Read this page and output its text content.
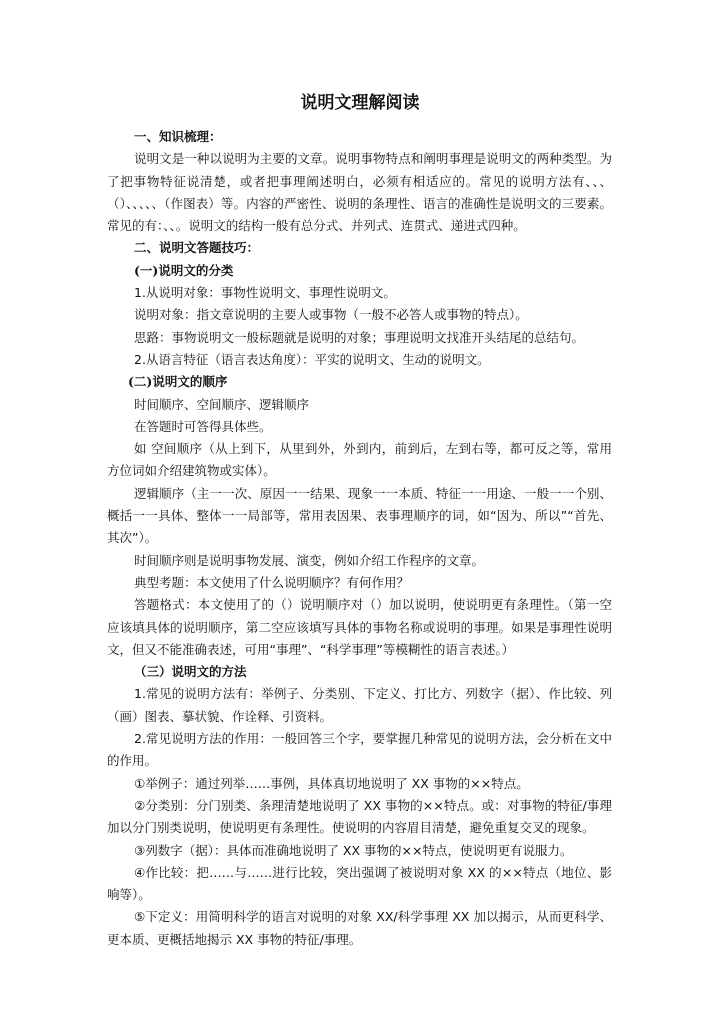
说明文理解阅读

一、知识梳理：

说明文是一种以说明为主要的文章。说明事物特点和阐明事理是说明文的两种类型。为了把事物特征说清楚，或者把事理阐述明白，必须有相适应的。常见的说明方法有、、、（）、、、、、（作图表）等。内容的严密性、说明的条理性、语言的准确性是说明文的三要素。常见的有：、、。说明文的结构一般有总分式、并列式、连贯式、递进式四种。

二、说明文答题技巧：

(一)说明文的分类

1.从说明对象：事物性说明文、事理性说明文。

说明对象：指文章说明的主要人或事物（一般不必答人或事物的特点）。

思路：事物说明文一般标题就是说明的对象；事理说明文找准开头结尾的总结句。

2.从语言特征（语言表达角度）：平实的说明文、生动的说明文。

(二)说明文的顺序

时间顺序、空间顺序、逻辑顺序

在答题时可答得具体些。

如 空间顺序（从上到下，从里到外，外到内，前到后，左到右等，都可反之等，常用方位词如介绍建筑物或实体）。

逻辑顺序（主一一次、原因一一结果、现象一一本质、特征一一用途、一般一一个别、概括一一具体、整体一一局部等，常用表因果、表事理顺序的词，如“因为、所以”“首先、其次”）。

时间顺序则是说明事物发展、演变，例如介绍工作程序的文章。

典型考题：本文使用了什么说明顺序？有何作用？

答题格式：本文使用了的（）说明顺序对（）加以说明，使说明更有条理性。（第一空应该填具体的说明顺序，第二空应该填写具体的事物名称或说明的事理。如果是事理性说明文，但又不能准确表述，可用“事理”、“科学事理”等模糊性的语言表述。）

（三）说明文的方法

1.常见的说明方法有：举例子、分类别、下定义、打比方、列数字（据）、作比较、列（画）图表、摹状貌、作诠释、引资料。

2.常见说明方法的作用：一般回答三个字，要掌握几种常见的说明方法，会分析在文中的作用。

①举例子：通过列举……事例，具体真切地说明了 XX 事物的××特点。

②分类别：分门别类、条理清楚地说明了 XX 事物的××特点。或：对事物的特征/事理加以分门别类说明，使说明更有条理性。使说明的内容眉目清楚，避免重复交叉的现象。

③列数字（据）：具体而准确地说明了 XX 事物的××特点，使说明更有说服力。

④作比较：把……与……进行比较，突出强调了被说明对象 XX 的××特点（地位、影响等）。

⑤下定义：用简明科学的语言对说明的对象 XX/科学事理 XX 加以揭示，从而更科学、更本质、更概括地揭示 XX 事物的特征/事理。
